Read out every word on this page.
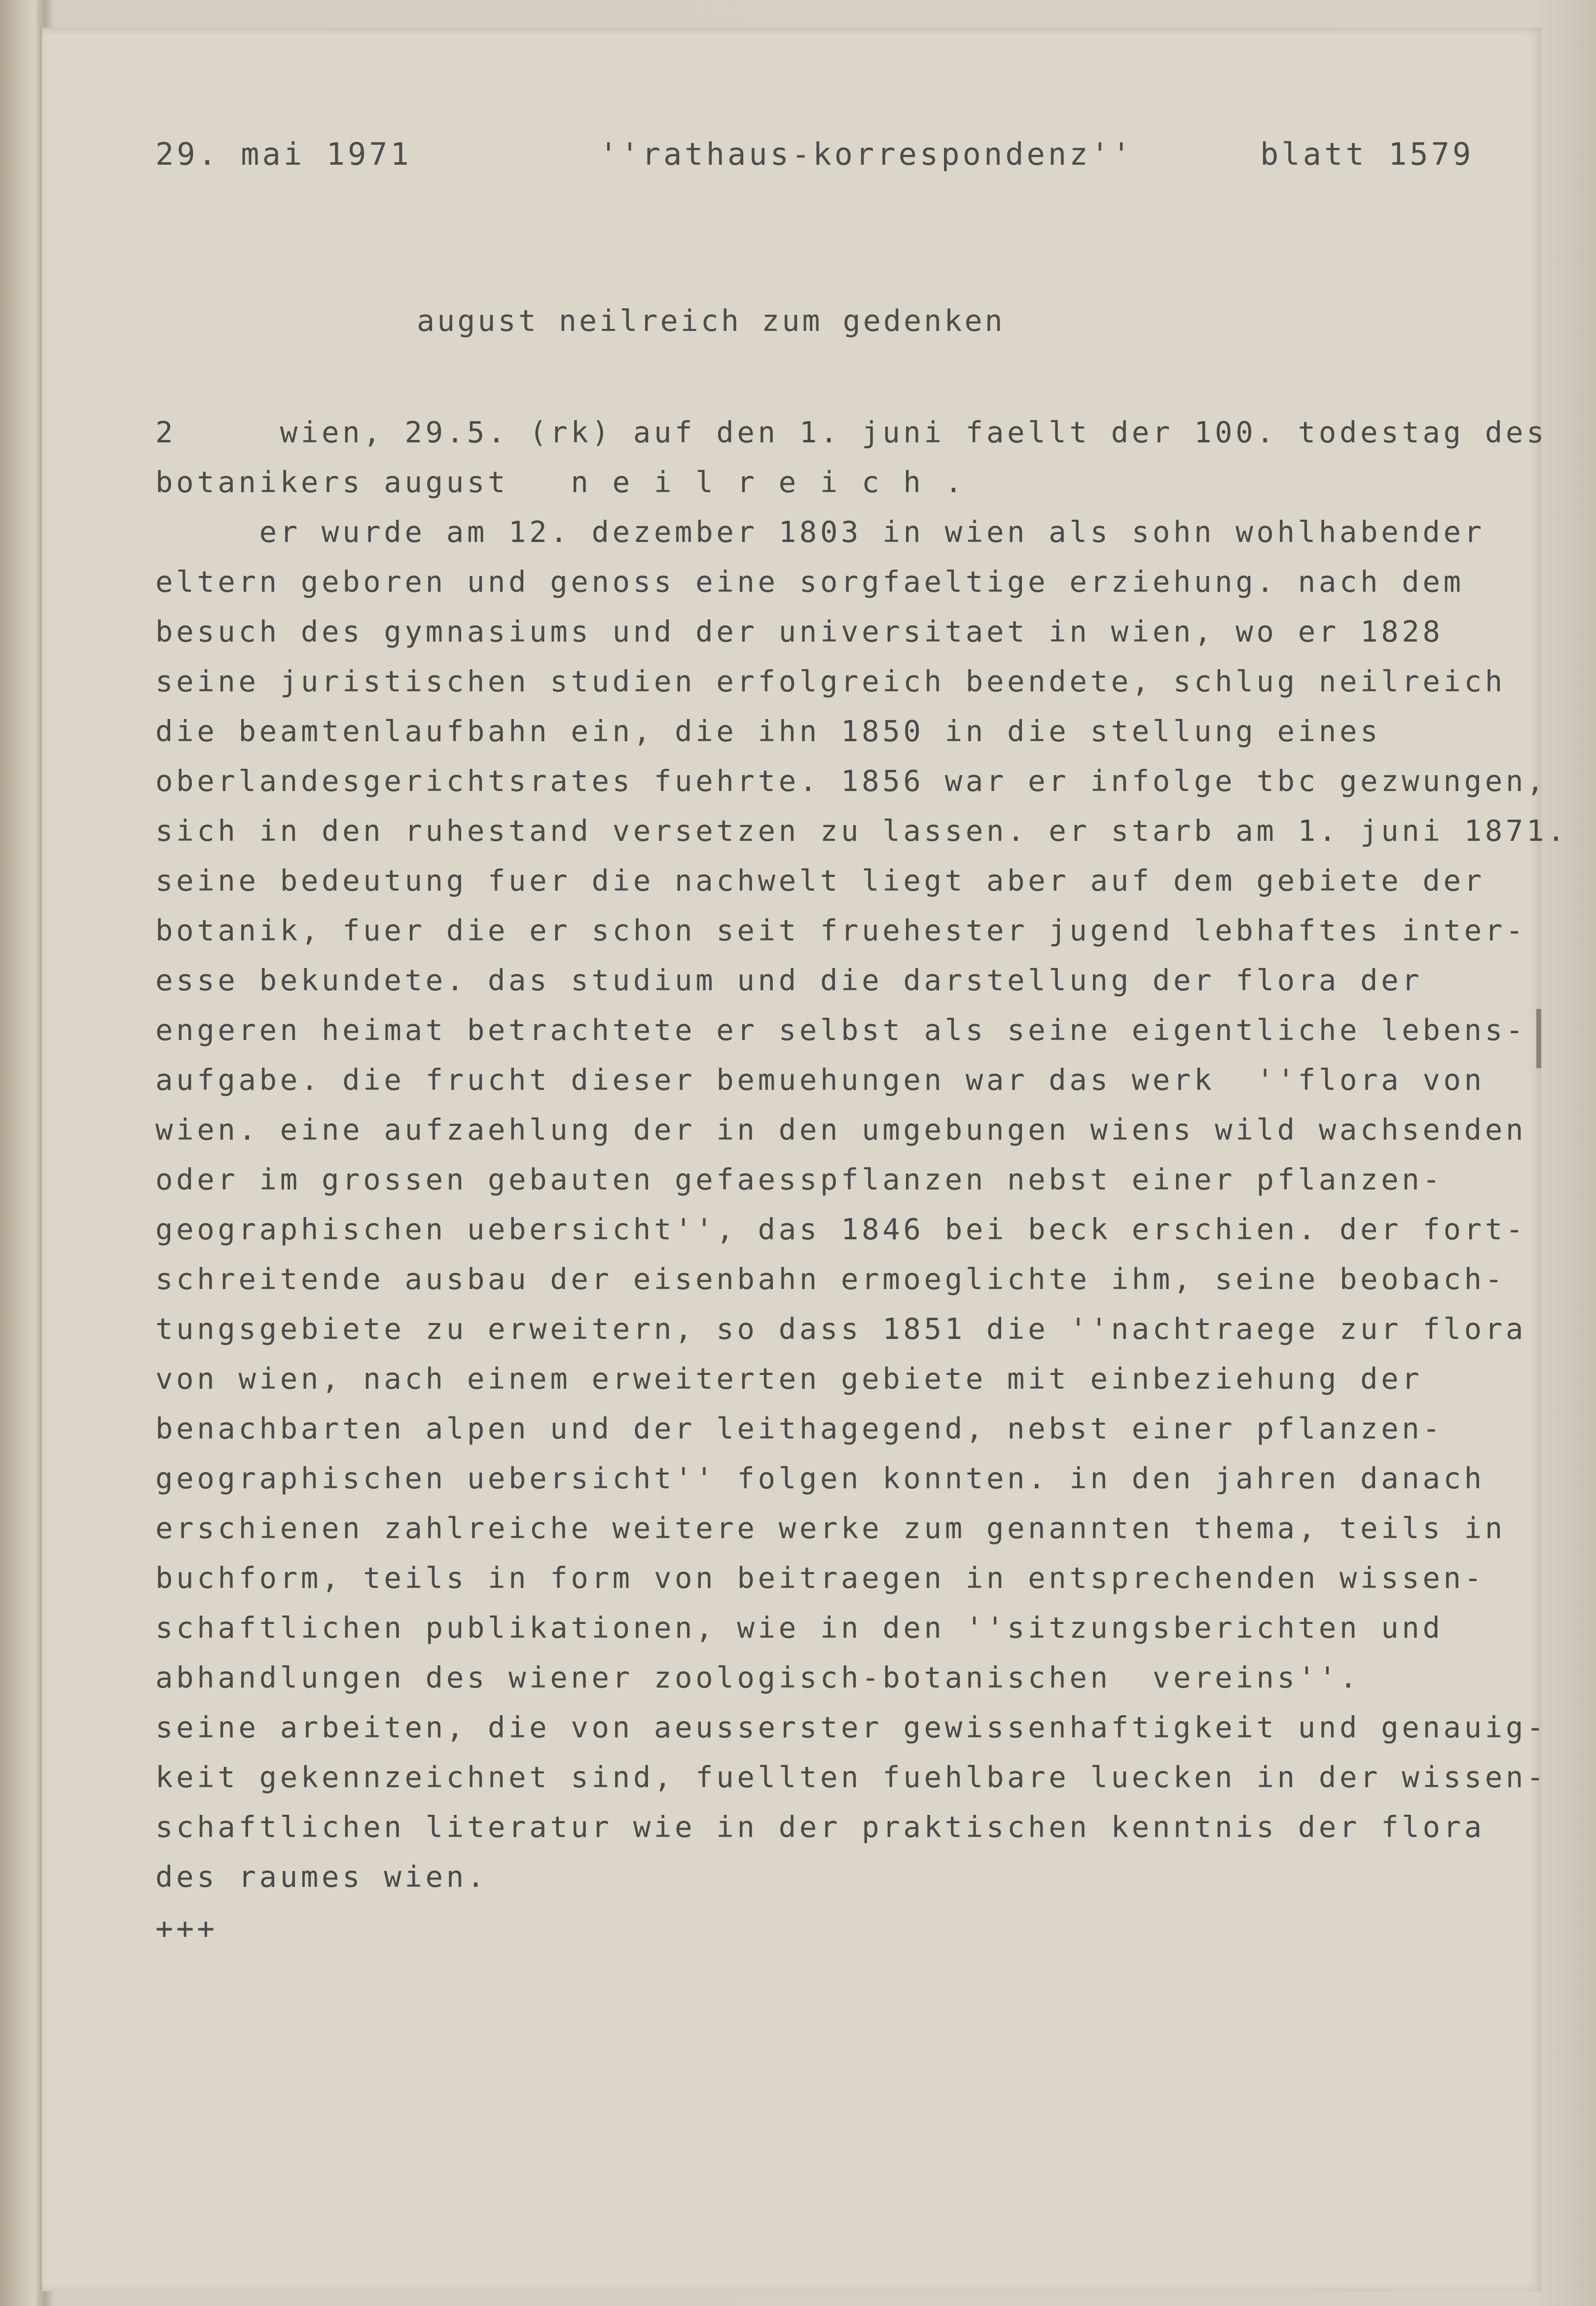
29. mai 1971	''rathaus-korrespondenz''	blatt 1579
august neilreich zum gedenken
2     wien, 29.5. (rk) auf den 1. juni faellt der 100. todestag des
botanikers august   n e i l r e i c h .
er wurde am 12. dezember 1803 in wien als sohn wohlhabender
eltern geboren und genoss eine sorgfaeltige erziehung. nach dem
besuch des gymnasiums und der universitaet in wien, wo er 1828
seine juristischen studien erfolgreich beendete, schlug neilreich
die beamtenlaufbahn ein, die ihn 1850 in die stellung eines
oberlandesgerichtsrates fuehrte. 1856 war er infolge tbc gezwungen,
sich in den ruhestand versetzen zu lassen. er starb am 1. juni 1871.
seine bedeutung fuer die nachwelt liegt aber auf dem gebiete der
botanik, fuer die er schon seit fruehester jugend lebhaftes inter-
esse bekundete. das studium und die darstellung der flora der
engeren heimat betrachtete er selbst als seine eigentliche lebens-
aufgabe. die frucht dieser bemuehungen war das werk  ''flora von
wien. eine aufzaehlung der in den umgebungen wiens wild wachsenden
oder im grossen gebauten gefaesspflanzen nebst einer pflanzen-
geographischen uebersicht'', das 1846 bei beck erschien. der fort-
schreitende ausbau der eisenbahn ermoeglichte ihm, seine beobach-
tungsgebiete zu erweitern, so dass 1851 die ''nachtraege zur flora
von wien, nach einem erweiterten gebiete mit einbeziehung der
benachbarten alpen und der leithagegend, nebst einer pflanzen-
geographischen uebersicht'' folgen konnten. in den jahren danach
erschienen zahlreiche weitere werke zum genannten thema, teils in
buchform, teils in form von beitraegen in entsprechenden wissen-
schaftlichen publikationen, wie in den ''sitzungsberichten und
abhandlungen des wiener zoologisch-botanischen  vereins''.
seine arbeiten, die von aeusserster gewissenhaftigkeit und genauig-
keit gekennzeichnet sind, fuellten fuehlbare luecken in der wissen-
schaftlichen literatur wie in der praktischen kenntnis der flora
des raumes wien.
+++
